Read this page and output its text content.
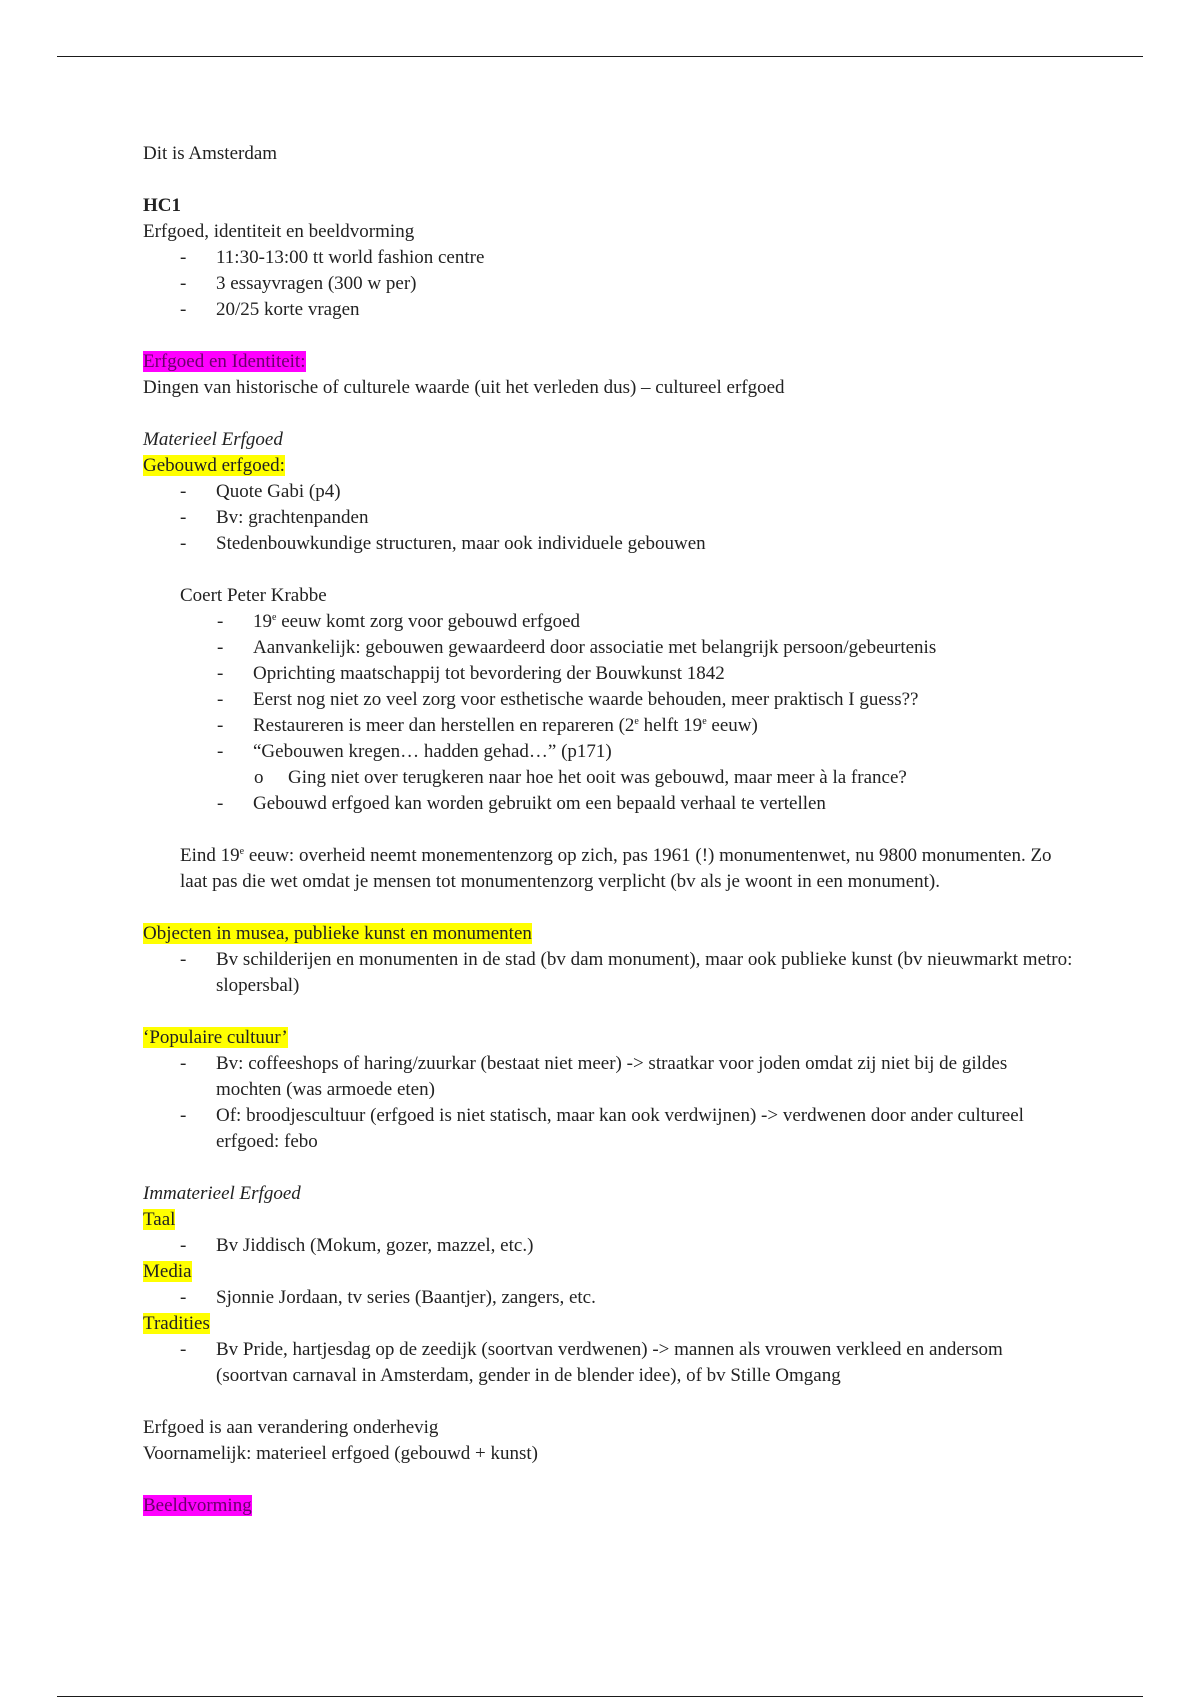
Dit is Amsterdam

HC1

Erfgoed, identiteit en beeldvorming

- 11:30-13:00 tt world fashion centre
- 3 essayvragen (300 w per)
- 20/25 korte vragen

Erfgoed en Identiteit:

Dingen van historische of culturele waarde (uit het verleden dus) – cultureel erfgoed

Materieel Erfgoed

Gebouwd erfgoed:

- Quote Gabi (p4)
- Bv: grachtenpanden
- Stedenbouwkundige structuren, maar ook individuele gebouwen

Coert Peter Krabbe

- 19e eeuw komt zorg voor gebouwd erfgoed
- Aanvankelijk: gebouwen gewaardeerd door associatie met belangrijk persoon/gebeurtenis
- Oprichting maatschappij tot bevordering der Bouwkunst 1842
- Eerst nog niet zo veel zorg voor esthetische waarde behouden, meer praktisch I guess??
- Restaureren is meer dan herstellen en repareren (2e helft 19e eeuw)
- “Gebouwen kregen… hadden gehad…” (p171)
o Ging niet over terugkeren naar hoe het ooit was gebouwd, maar meer à la france?
- Gebouwd erfgoed kan worden gebruikt om een bepaald verhaal te vertellen

Eind 19e eeuw: overheid neemt monementenzorg op zich, pas 1961 (!) monumentenwet, nu 9800 monumenten. Zo laat pas die wet omdat je mensen tot monumentenzorg verplicht (bv als je woont in een monument).

Objecten in musea, publieke kunst en monumenten

- Bv schilderijen en monumenten in de stad (bv dam monument), maar ook publieke kunst (bv nieuwmarkt metro: slopersbal)

‘Populaire cultuur’

- Bv: coffeeshops of haring/zuurkar (bestaat niet meer) -> straatkar voor joden omdat zij niet bij de gildes mochten (was armoede eten)
- Of: broodjescultuur (erfgoed is niet statisch, maar kan ook verdwijnen) -> verdwenen door ander cultureel erfgoed: febo

Immaterieel Erfgoed

Taal

- Bv Jiddisch (Mokum, gozer, mazzel, etc.)

Media

- Sjonnie Jordaan, tv series (Baantjer), zangers, etc.

Tradities

- Bv Pride, hartjesdag op de zeedijk (soortvan verdwenen) -> mannen als vrouwen verkleed en andersom (soortvan carnaval in Amsterdam, gender in de blender idee), of bv Stille Omgang

Erfgoed is aan verandering onderhevig

Voornamelijk: materieel erfgoed (gebouwd + kunst)

Beeldvorming
